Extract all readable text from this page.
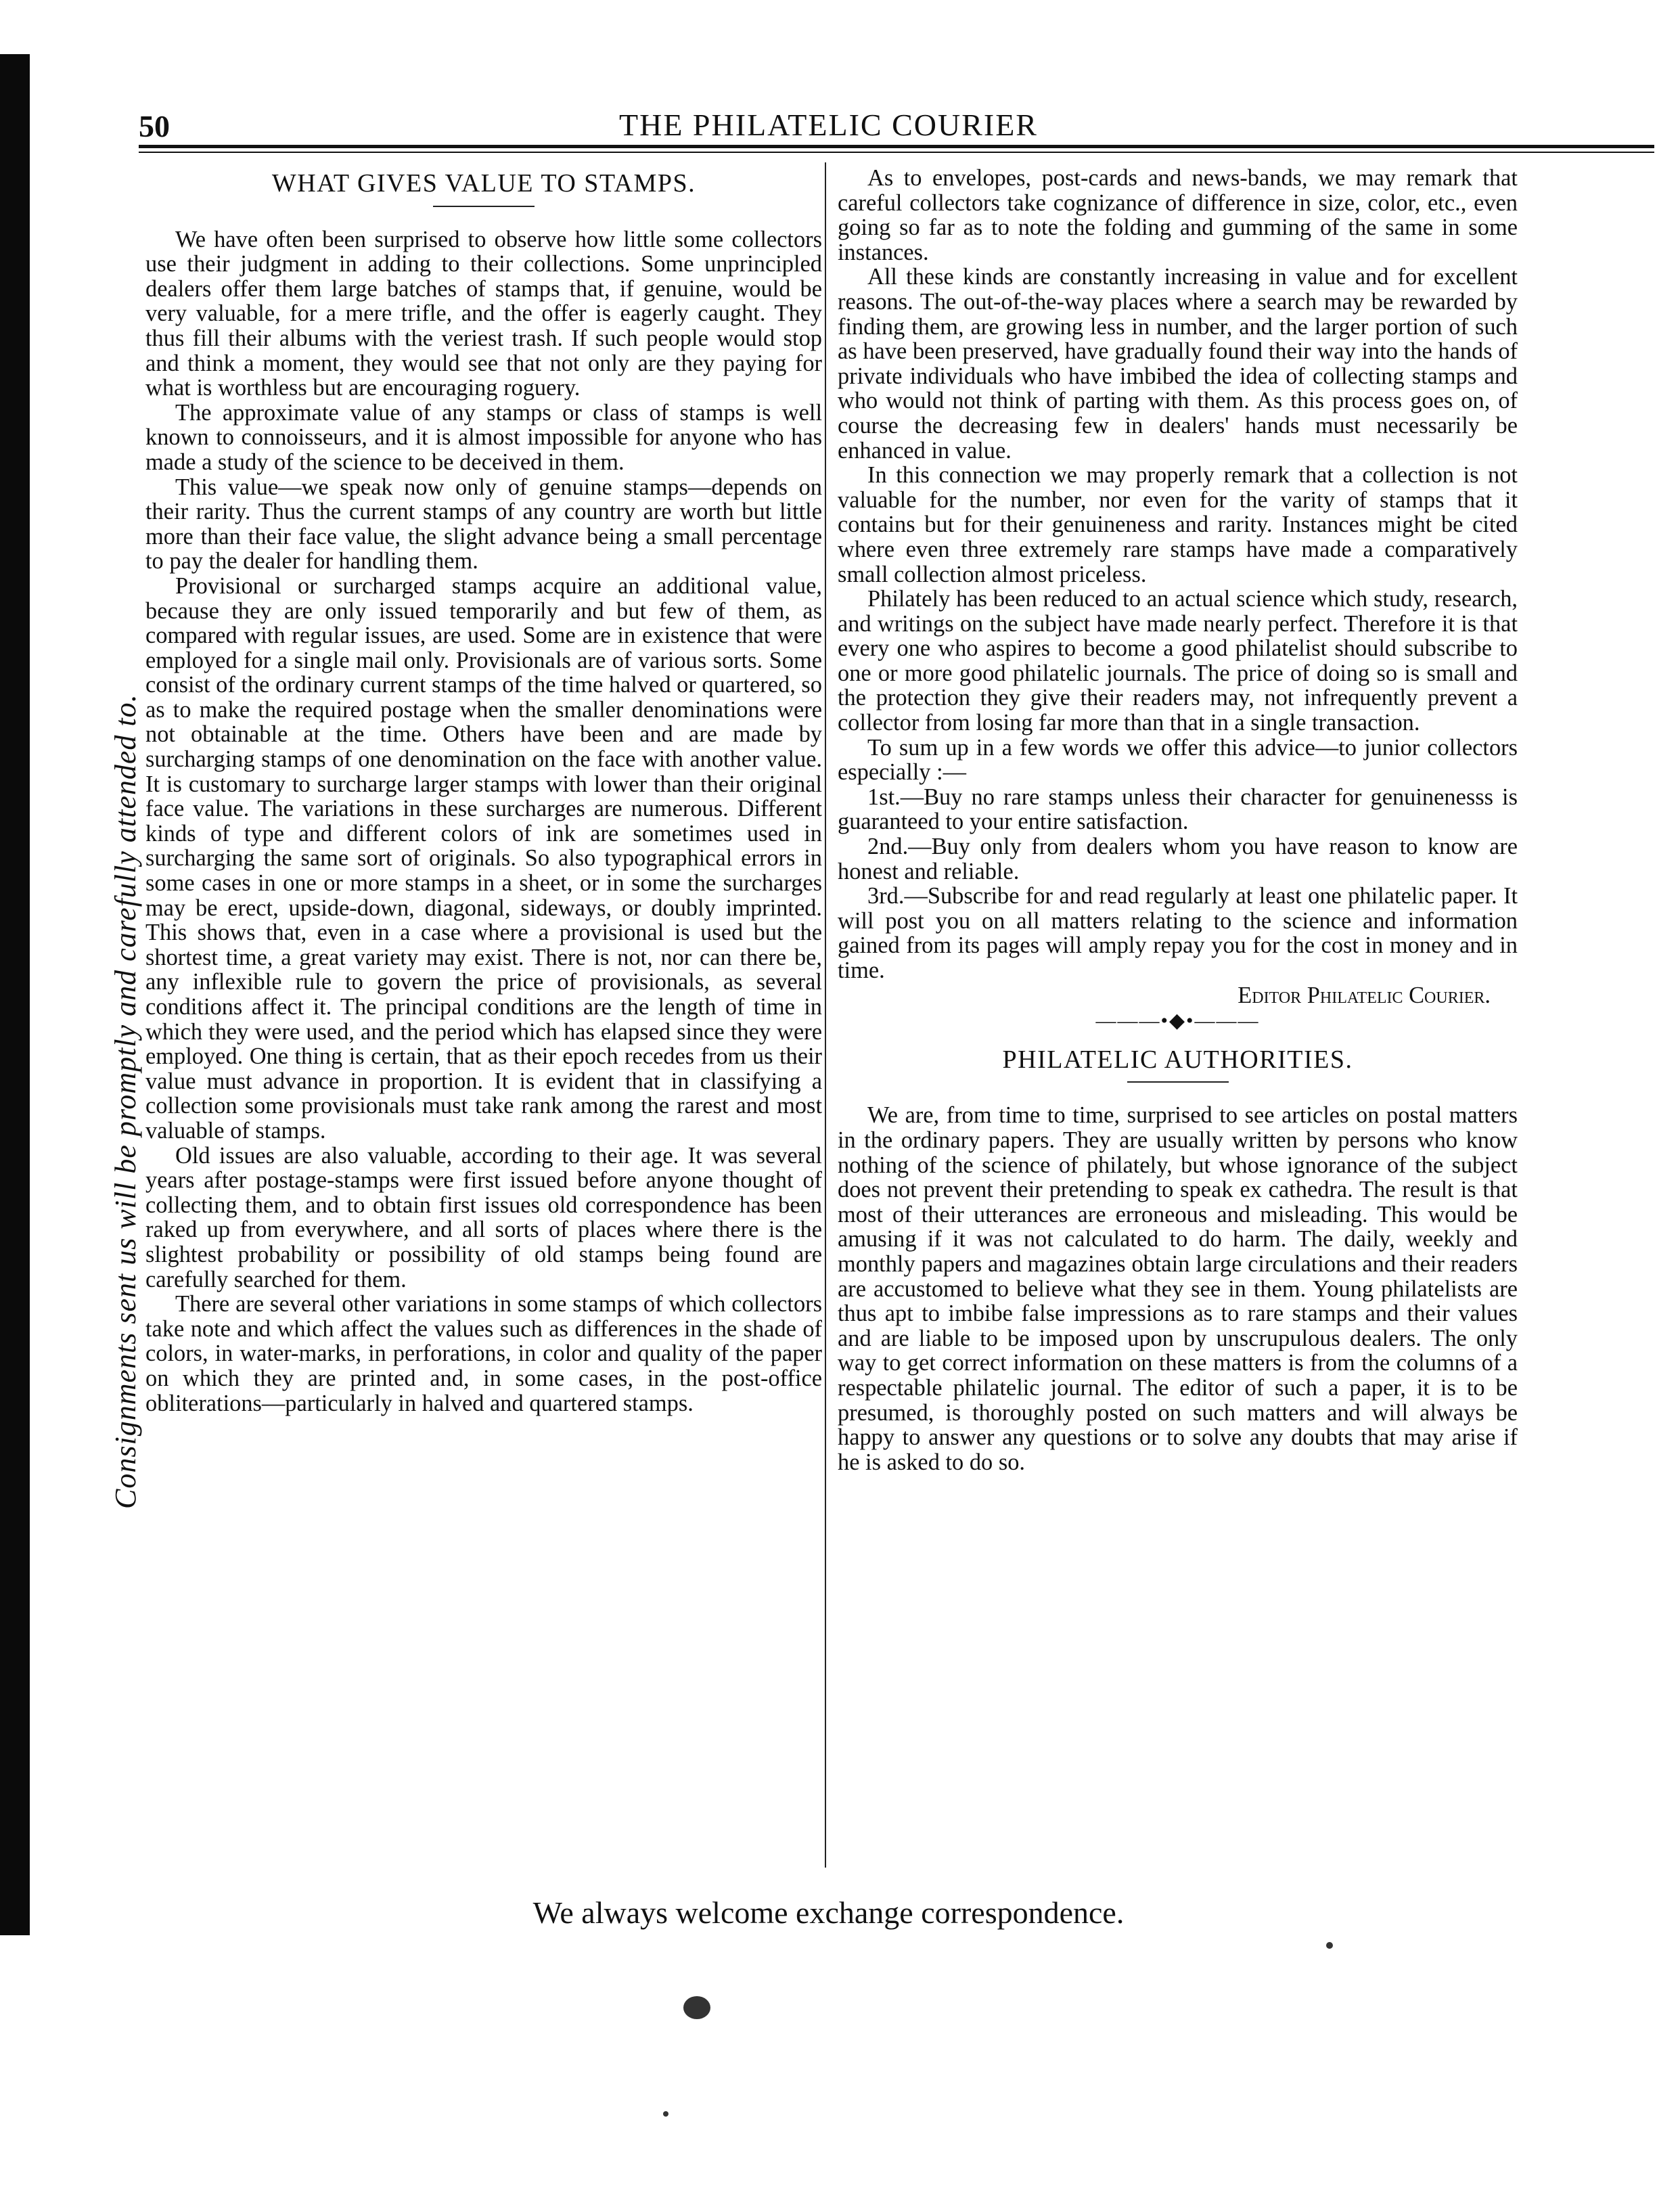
50	THE PHILATELIC COURIER
Consignments sent us will be promptly and carefully attended to.
WHAT GIVES VALUE TO STAMPS.

We have often been surprised to observe how little some collectors use their judgment in adding to their collections. Some unprincipled dealers offer them large batches of stamps that, if genuine, would be very valuable, for a mere trifle, and the offer is eagerly caught. They thus fill their albums with the veriest trash. If such people would stop and think a moment, they would see that not only are they paying for what is worthless but are encouraging roguery.

The approximate value of any stamps or class of stamps is well known to connoisseurs, and it is almost impossible for anyone who has made a study of the science to be deceived in them.

This value—we speak now only of genuine stamps—depends on their rarity. Thus the current stamps of any country are worth but little more than their face value, the slight advance being a small percentage to pay the dealer for handling them.

Provisional or surcharged stamps acquire an additional value, because they are only issued temporarily and but few of them, as compared with regular issues, are used. Some are in existence that were employed for a single mail only. Provisionals are of various sorts. Some consist of the ordinary current stamps of the time halved or quartered, so as to make the required postage when the smaller denominations were not obtainable at the time. Others have been and are made by surcharging stamps of one denomination on the face with another value. It is customary to surcharge larger stamps with lower than their original face value. The variations in these surcharges are numerous. Different kinds of type and different colors of ink are sometimes used in surcharging the same sort of originals. So also typographical errors in some cases in one or more stamps in a sheet, or in some the surcharges may be erect, upside-down, diagonal, sideways, or doubly imprinted. This shows that, even in a case where a provisional is used but the shortest time, a great variety may exist. There is not, nor can there be, any inflexible rule to govern the price of provisionals, as several conditions affect it. The principal conditions are the length of time in which they were used, and the period which has elapsed since they were employed. One thing is certain, that as their epoch recedes from us their value must advance in proportion. It is evident that in classifying a collection some provisionals must take rank among the rarest and most valuable of stamps.

Old issues are also valuable, according to their age. It was several years after postage-stamps were first issued before anyone thought of collecting them, and to obtain first issues old correspondence has been raked up from everywhere, and all sorts of places where there is the slightest probability or possibility of old stamps being found are carefully searched for them.

There are several other variations in some stamps of which collectors take note and which affect the values such as differences in the shade of colors, in water-marks, in perforations, in color and quality of the paper on which they are printed and, in some cases, in the post-office obliterations—particularly in halved and quartered stamps.

As to envelopes, post-cards and news-bands, we may remark that careful collectors take cognizance of difference in size, color, etc., even going so far as to note the folding and gumming of the same in some instances.

All these kinds are constantly increasing in value and for excellent reasons. The out-of-the-way places where a search may be rewarded by finding them, are growing less in number, and the larger portion of such as have been preserved, have gradually found their way into the hands of private individuals who have imbibed the idea of collecting stamps and who would not think of parting with them. As this process goes on, of course the decreasing few in dealers' hands must necessarily be enhanced in value.

In this connection we may properly remark that a collection is not valuable for the number, nor even for the varity of stamps that it contains but for their genuineness and rarity. Instances might be cited where even three extremely rare stamps have made a comparatively small collection almost priceless.

Philately has been reduced to an actual science which study, research, and writings on the subject have made nearly perfect. Therefore it is that every one who aspires to become a good philatelist should subscribe to one or more good philatelic journals. The price of doing so is small and the protection they give their readers may, not infrequently prevent a collector from losing far more than that in a single transaction.

To sum up in a few words we offer this advice—to junior collectors especially :—

1st.—Buy no rare stamps unless their character for genuinenesss is guaranteed to your entire satisfaction.

2nd.—Buy only from dealers whom you have reason to know are honest and reliable.

3rd.—Subscribe for and read regularly at least one philatelic paper. It will post you on all matters relating to the science and information gained from its pages will amply repay you for the cost in money and in time.

Editor Philatelic Courier.

———•◆•———
PHILATELIC AUTHORITIES.

We are, from time to time, surprised to see articles on postal matters in the ordinary papers. They are usually written by persons who know nothing of the science of philately, but whose ignorance of the subject does not prevent their pretending to speak ex cathedra. The result is that most of their utterances are erroneous and misleading. This would be amusing if it was not calculated to do harm. The daily, weekly and monthly papers and magazines obtain large circulations and their readers are accustomed to believe what they see in them. Young philatelists are thus apt to imbibe false impressions as to rare stamps and their values and are liable to be imposed upon by unscrupulous dealers. The only way to get correct information on these matters is from the columns of a respectable philatelic journal. The editor of such a paper, it is to be presumed, is thoroughly posted on such matters and will always be happy to answer any questions or to solve any doubts that may arise if he is asked to do so.

We always welcome exchange correspondence.
